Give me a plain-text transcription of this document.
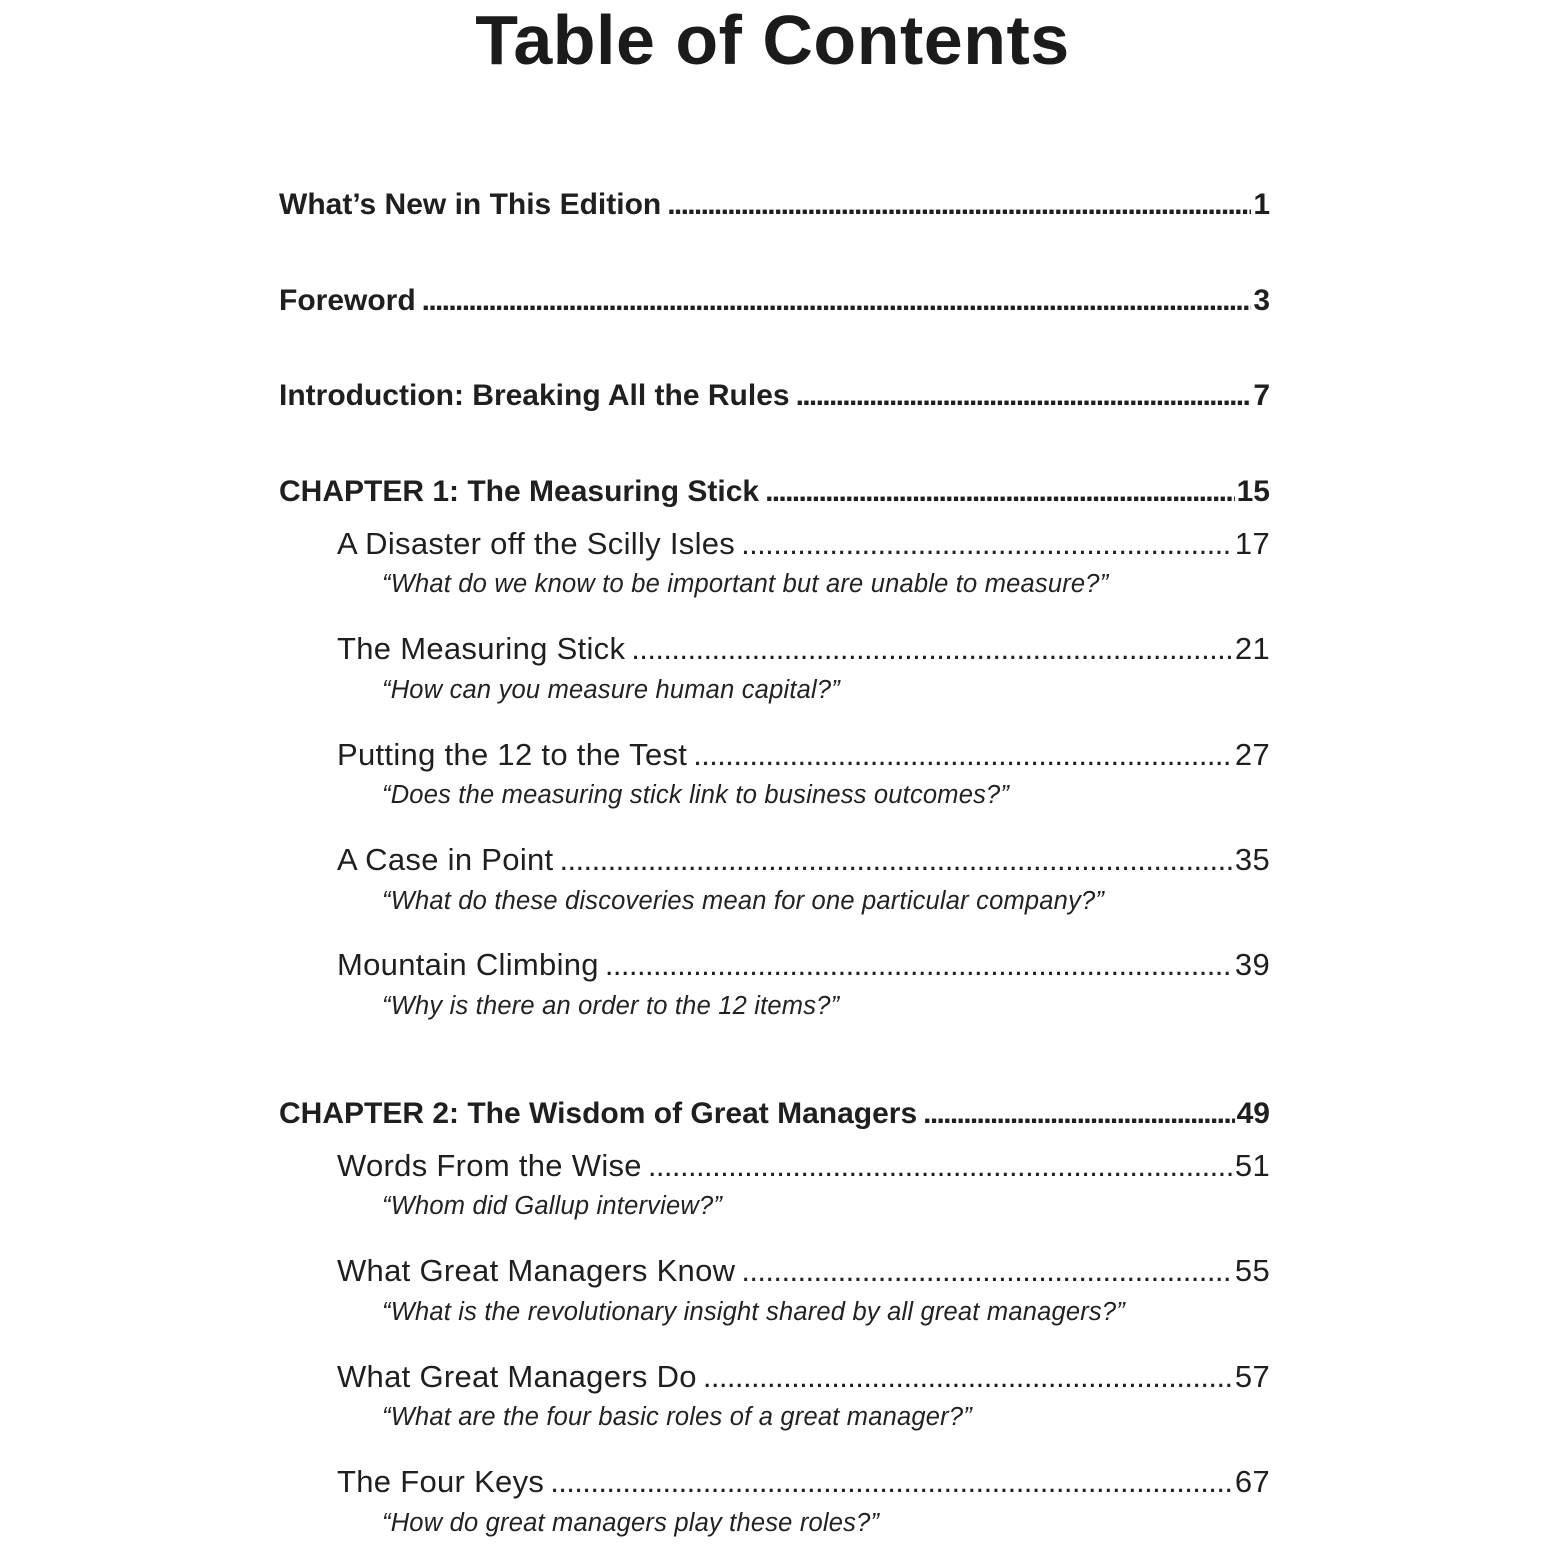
Table of Contents
What’s New in This Edition . . .	1
Foreword . . .	3
Introduction: Breaking All the Rules . . .	7
CHAPTER 1: The Measuring Stick . . .	15
A Disaster off the Scilly Isles . . .	17
“What do we know to be important but are unable to measure?”
The Measuring Stick . . .	21
“How can you measure human capital?”
Putting the 12 to the Test . . .	27
“Does the measuring stick link to business outcomes?”
A Case in Point . . .	35
“What do these discoveries mean for one particular company?”
Mountain Climbing . . .	39
“Why is there an order to the 12 items?”
CHAPTER 2: The Wisdom of Great Managers . . .	49
Words From the Wise . . .	51
“Whom did Gallup interview?”
What Great Managers Know . . .	55
“What is the revolutionary insight shared by all great managers?”
What Great Managers Do . . .	57
“What are the four basic roles of a great manager?”
The Four Keys . . .	67
“How do great managers play these roles?”
